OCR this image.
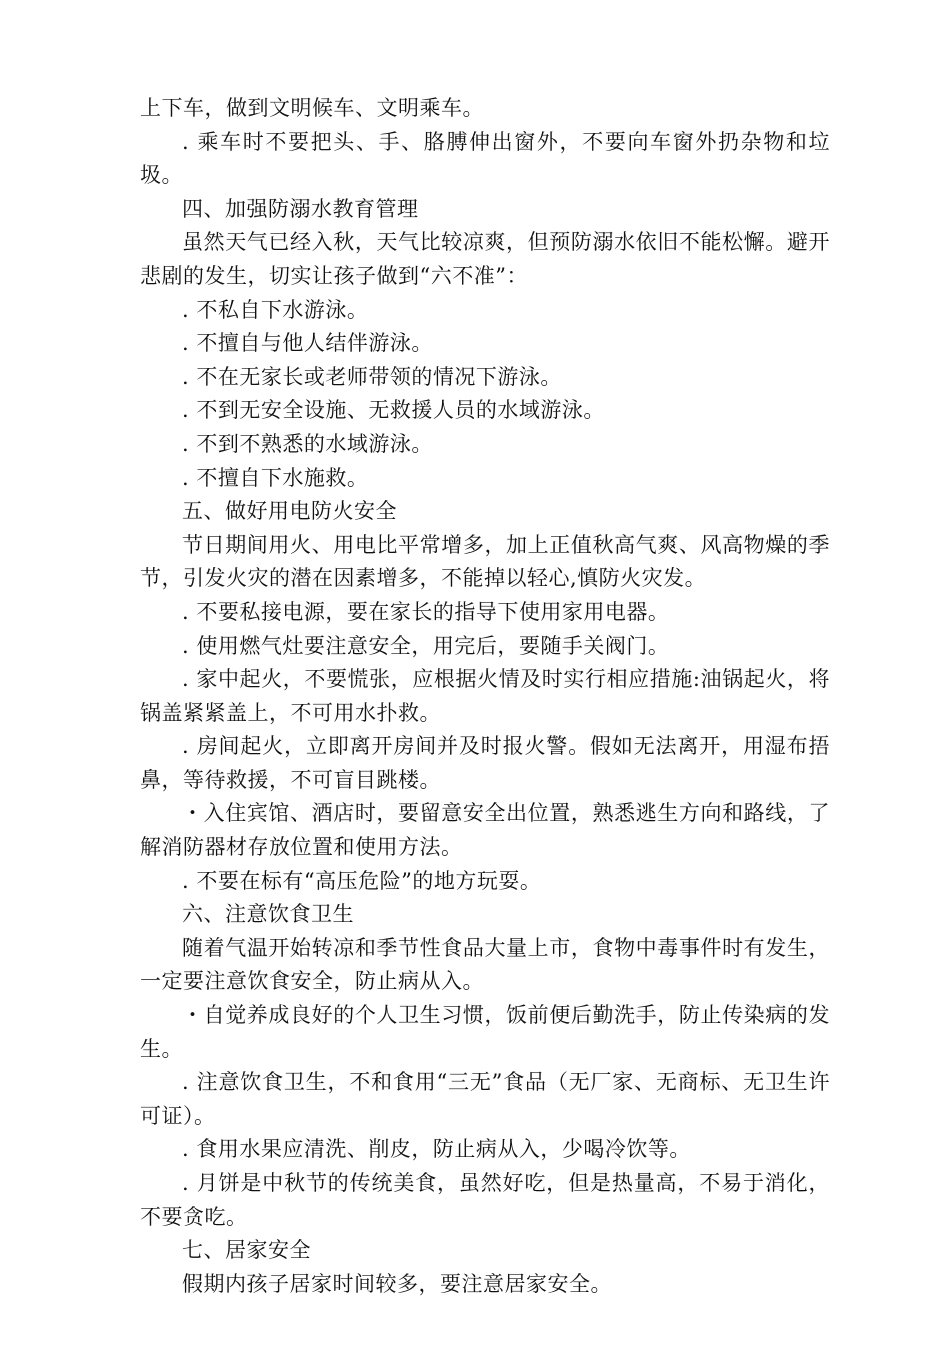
上下车，做到文明候车、文明乘车。

. 乘车时不要把头、手、胳膊伸出窗外，不要向车窗外扔杂物和垃圾。

四、加强防溺水教育管理

虽然天气已经入秋，天气比较凉爽，但预防溺水依旧不能松懈。避开悲剧的发生，切实让孩子做到“六不准”：

. 不私自下水游泳。

. 不擅自与他人结伴游泳。

. 不在无家长或老师带领的情况下游泳。

. 不到无安全设施、无救援人员的水域游泳。

. 不到不熟悉的水域游泳。

. 不擅自下水施救。

五、做好用电防火安全

节日期间用火、用电比平常增多，加上正值秋高气爽、风高物燥的季节，引发火灾的潜在因素增多，不能掉以轻心,慎防火灾发。

. 不要私接电源，要在家长的指导下使用家用电器。

. 使用燃气灶要注意安全，用完后，要随手关阀门。

. 家中起火，不要慌张，应根据火情及时实行相应措施:油锅起火，将锅盖紧紧盖上，不可用水扑救。

. 房间起火，立即离开房间并及时报火警。假如无法离开，用湿布捂鼻，等待救援，不可盲目跳楼。

・入住宾馆、酒店时，要留意安全出位置，熟悉逃生方向和路线，了解消防器材存放位置和使用方法。

. 不要在标有“高压危险”的地方玩耍。

六、注意饮食卫生

随着气温开始转凉和季节性食品大量上市，食物中毒事件时有发生，一定要注意饮食安全，防止病从入。

・自觉养成良好的个人卫生习惯，饭前便后勤洗手，防止传染病的发生。

. 注意饮食卫生，不和食用“三无”食品（无厂家、无商标、无卫生许可证）。

. 食用水果应清洗、削皮，防止病从入，少喝冷饮等。

. 月饼是中秋节的传统美食，虽然好吃，但是热量高，不易于消化，不要贪吃。

七、居家安全

假期内孩子居家时间较多，要注意居家安全。
